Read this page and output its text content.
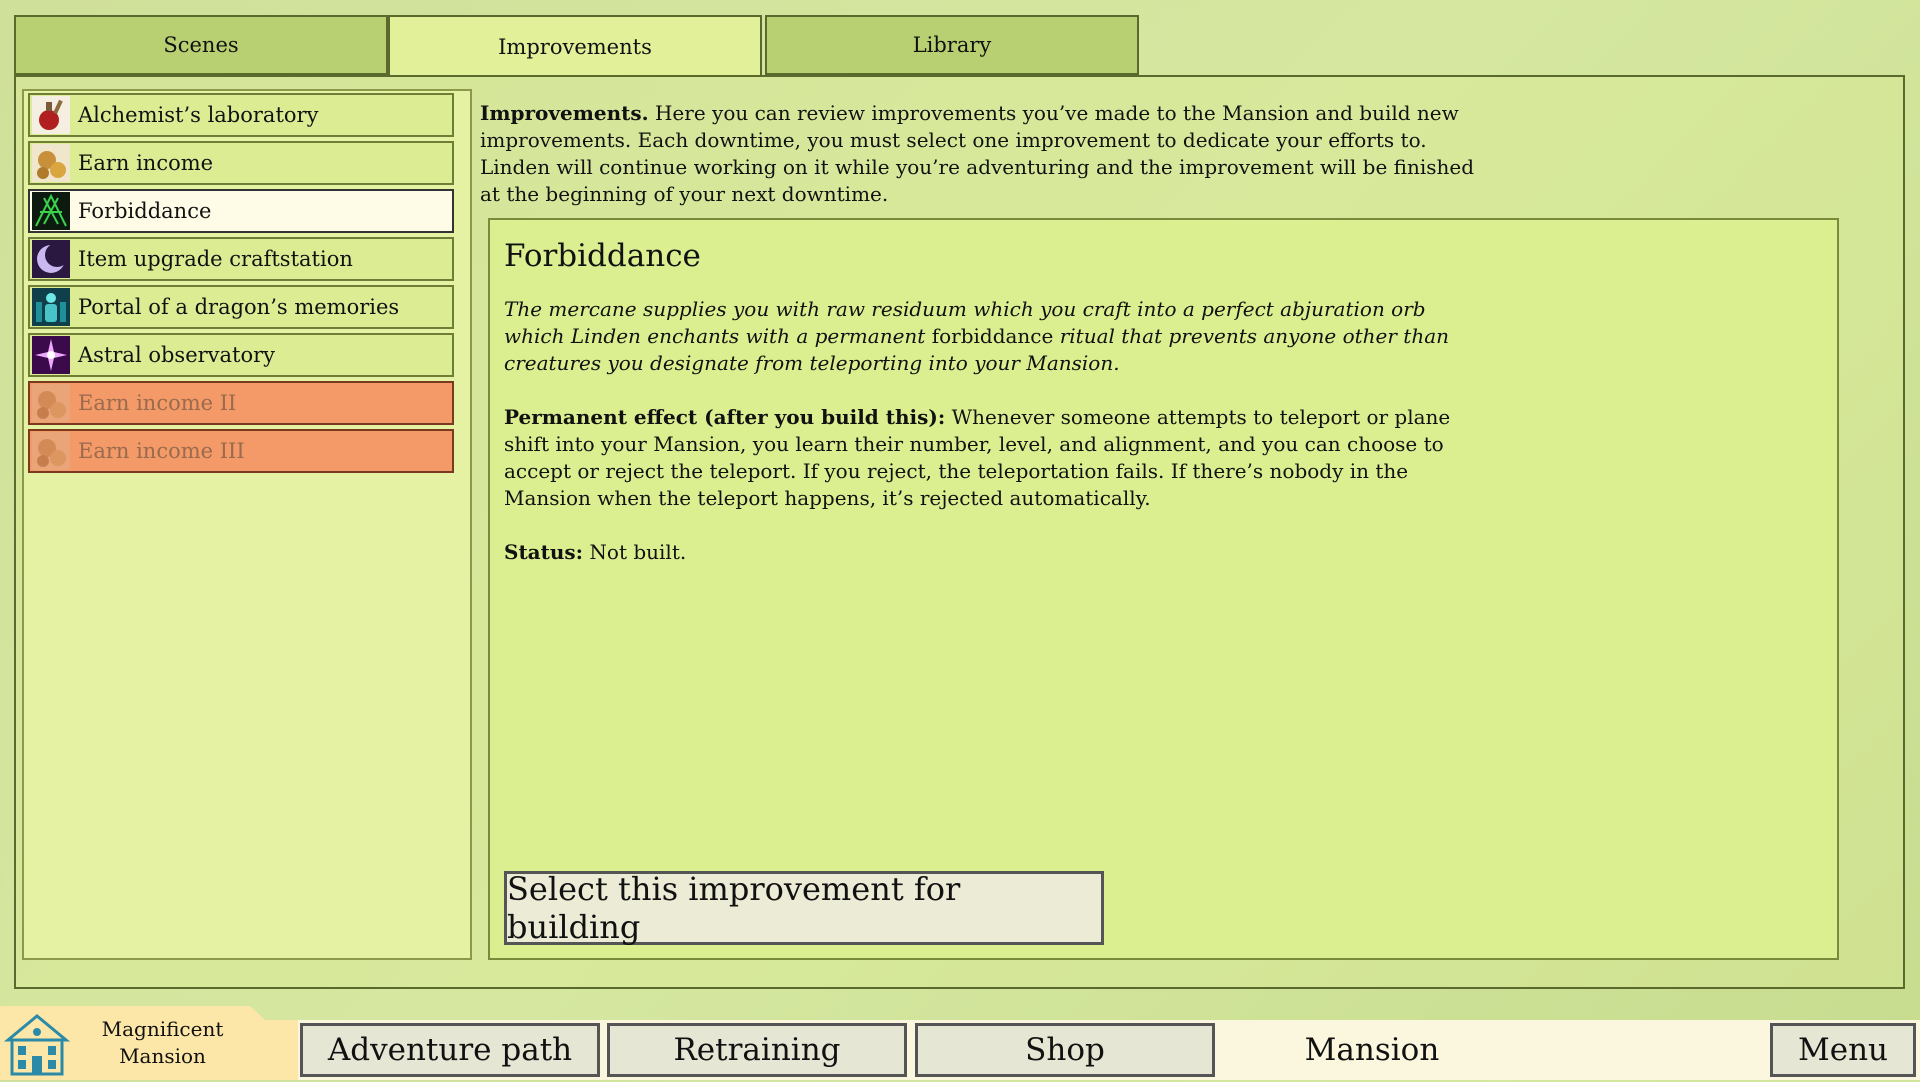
Scenes	Improvements	Library
Alchemist’s laboratory
Earn income
Forbiddance
Item upgrade craftstation
Portal of a dragon’s memories
Astral observatory
Earn income II
Earn income III
Improvements. Here you can review improvements you’ve made to the Mansion and build new improvements. Each downtime, you must select one improvement to dedicate your efforts to. Linden will continue working on it while you’re adventuring and the improvement will be finished at the beginning of your next downtime.
Forbiddance

The mercane supplies you with raw residuum which you craft into a perfect abjuration orb which Linden enchants with a permanent forbiddance ritual that prevents anyone other than creatures you designate from teleporting into your Mansion.

Permanent effect (after you build this): Whenever someone attempts to teleport or plane shift into your Mansion, you learn their number, level, and alignment, and you can choose to accept or reject the teleport. If you reject, the teleportation fails. If there’s nobody in the Mansion when the teleport happens, it’s rejected automatically.

Status: Not built.

Select this improvement for building
Magnificent
Mansion	Adventure path	Retraining	Shop	Mansion	Menu
